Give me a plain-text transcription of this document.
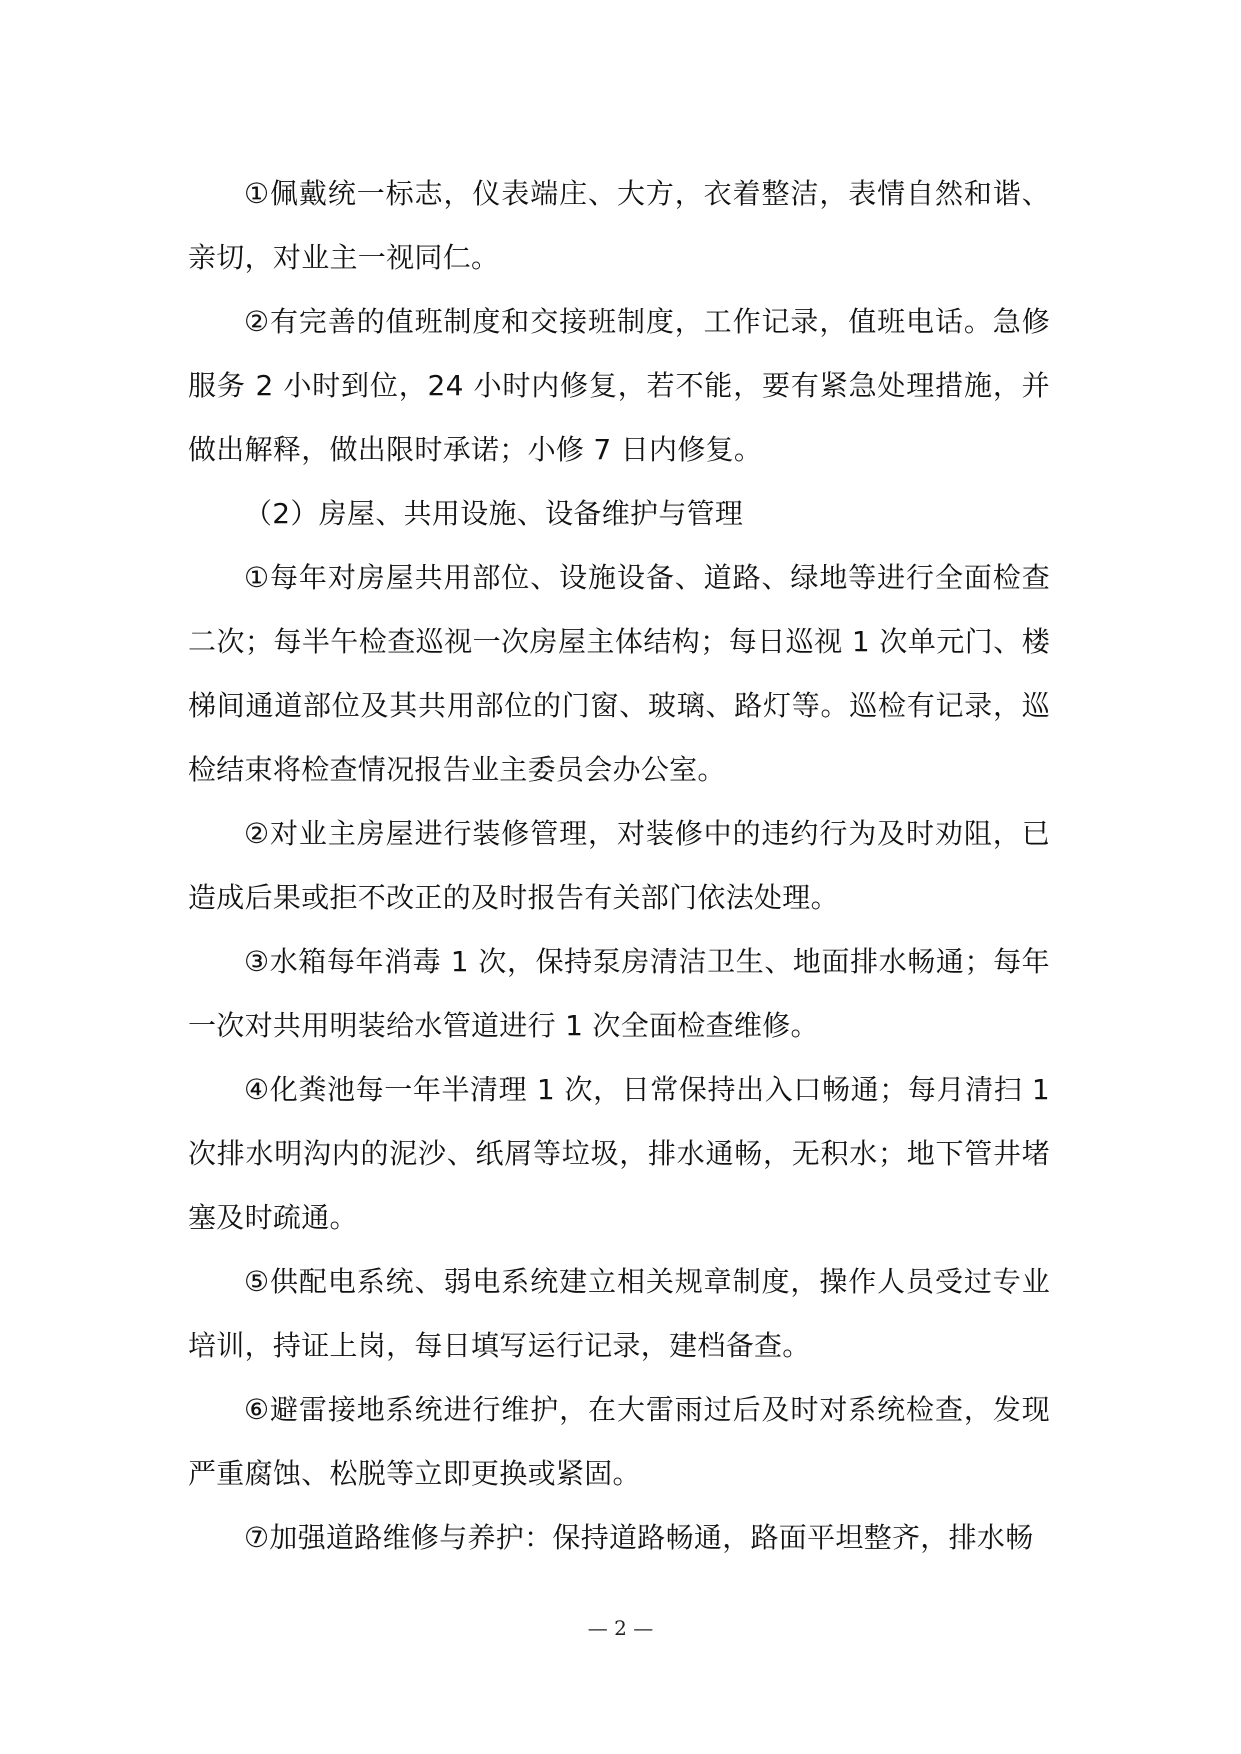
①佩戴统一标志，仪表端庄、大方，衣着整洁，表情自然和谐、亲切，对业主一视同仁。

②有完善的值班制度和交接班制度，工作记录，值班电话。急修服务 2 小时到位，24 小时内修复，若不能，要有紧急处理措施，并做出解释，做出限时承诺；小修 7 日内修复。

（2）房屋、共用设施、设备维护与管理

①每年对房屋共用部位、设施设备、道路、绿地等进行全面检查二次；每半午检查巡视一次房屋主体结构；每日巡视 1 次单元门、楼梯间通道部位及其共用部位的门窗、玻璃、路灯等。巡检有记录，巡检结束将检查情况报告业主委员会办公室。

②对业主房屋进行装修管理，对装修中的违约行为及时劝阻，已造成后果或拒不改正的及时报告有关部门依法处理。

③水箱每年消毒 1 次，保持泵房清洁卫生、地面排水畅通；每年一次对共用明装给水管道进行 1 次全面检查维修。

④化粪池每一年半清理 1 次，日常保持出入口畅通；每月清扫 1 次排水明沟内的泥沙、纸屑等垃圾，排水通畅，无积水；地下管井堵塞及时疏通。

⑤供配电系统、弱电系统建立相关规章制度，操作人员受过专业培训，持证上岗，每日填写运行记录，建档备查。

⑥避雷接地系统进行维护，在大雷雨过后及时对系统检查，发现严重腐蚀、松脱等立即更换或紧固。

⑦加强道路维修与养护：保持道路畅通，路面平坦整齐，排水畅

— 2 —
